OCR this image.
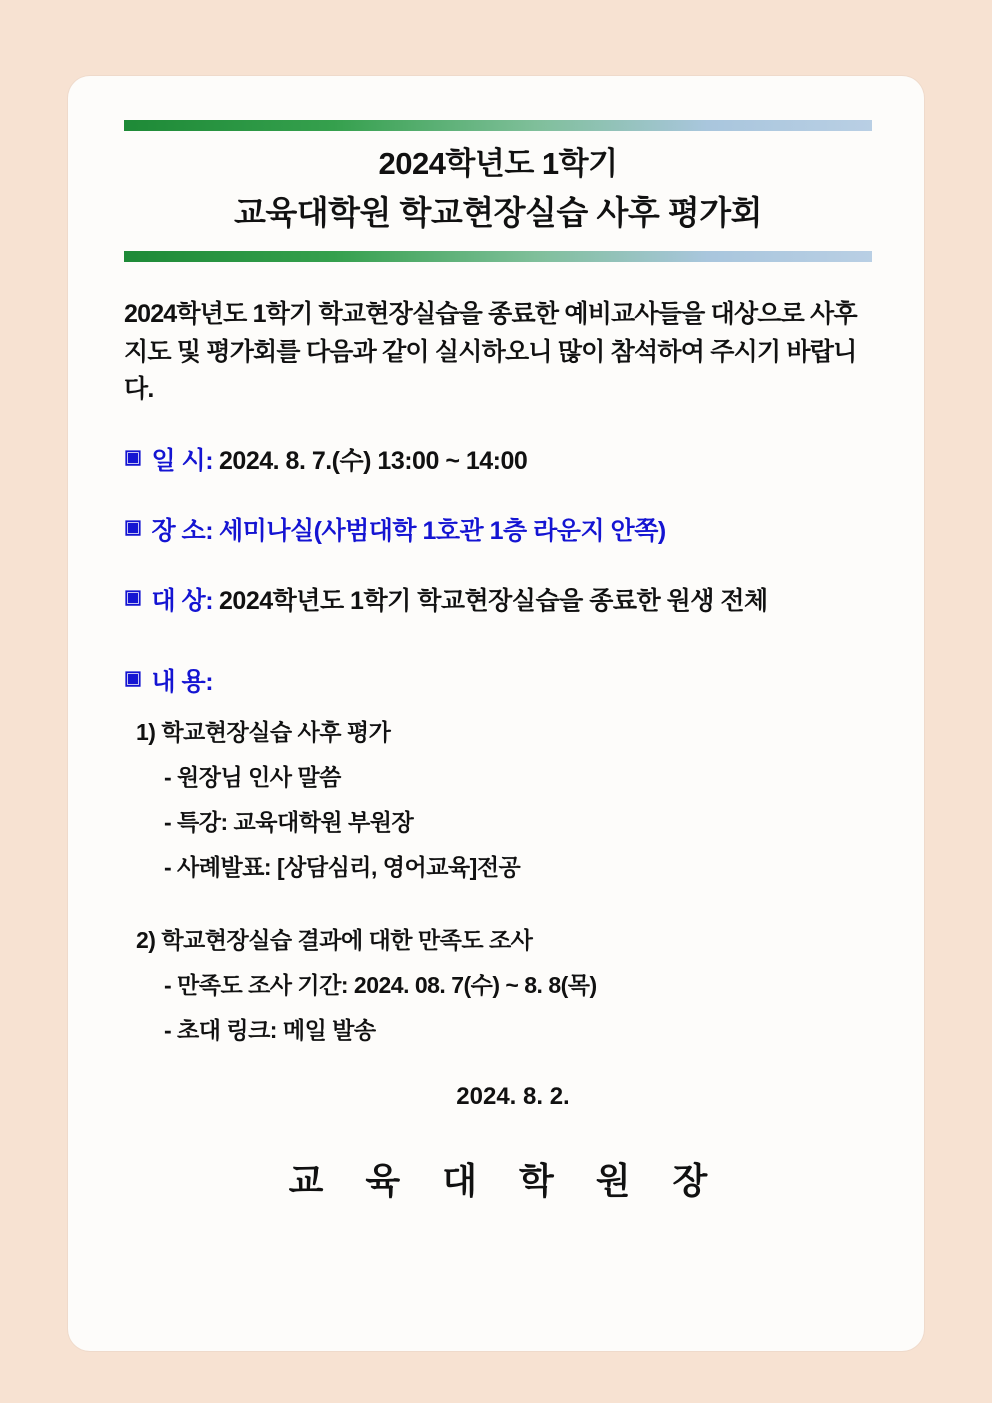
2024학년도 1학기
교육대학원 학교현장실습 사후 평가회
2024학년도 1학기 학교현장실습을 종료한 예비교사들을 대상으로 사후 지도 및 평가회를 다음과 같이 실시하오니 많이 참석하여 주시기 바랍니다.
▣ 일 시: 2024. 8. 7.(수) 13:00 ~ 14:00
▣ 장 소: 세미나실(사범대학 1호관 1층 라운지 안쪽)
▣ 대 상: 2024학년도 1학기 학교현장실습을 종료한 원생 전체
▣ 내 용:
1) 학교현장실습 사후 평가
- 원장님 인사 말씀
- 특강: 교육대학원 부원장
- 사례발표: [상담심리, 영어교육]전공
2) 학교현장실습 결과에 대한 만족도 조사
- 만족도 조사 기간: 2024. 08. 7(수) ~ 8. 8(목)
- 초대 링크: 메일 발송
2024. 8. 2.
교 육 대 학 원 장
